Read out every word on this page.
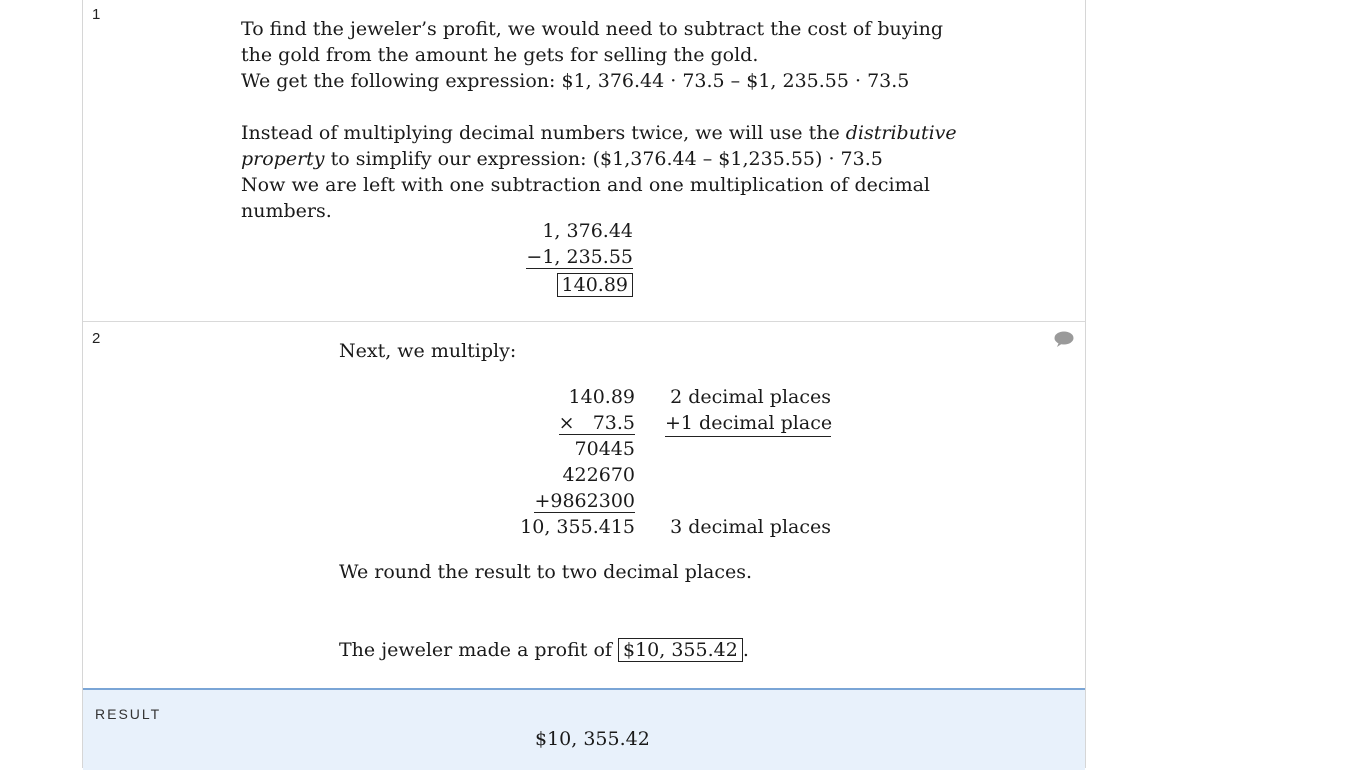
1
To find the jeweler’s profit, we would need to subtract the cost of buying
the gold from the amount he gets for selling the gold.
We get the following expression: $1, 376.44 · 73.5 – $1, 235.55 · 73.5
Instead of multiplying decimal numbers twice, we will use the distributive
property to simplify our expression: ($1,376.44 – $1,235.55) · 73.5
Now we are left with one subtraction and one multiplication of decimal
numbers.
1, 376.44
−1, 235.55
140.89
2
Next, we multiply:
140.89
×   73.5
70445
422670
+9862300
10, 355.415
2 decimal places
+1 decimal place
3 decimal places
We round the result to two decimal places.
The jeweler made a profit of $10, 355.42 .
RESULT
$10, 355.42
